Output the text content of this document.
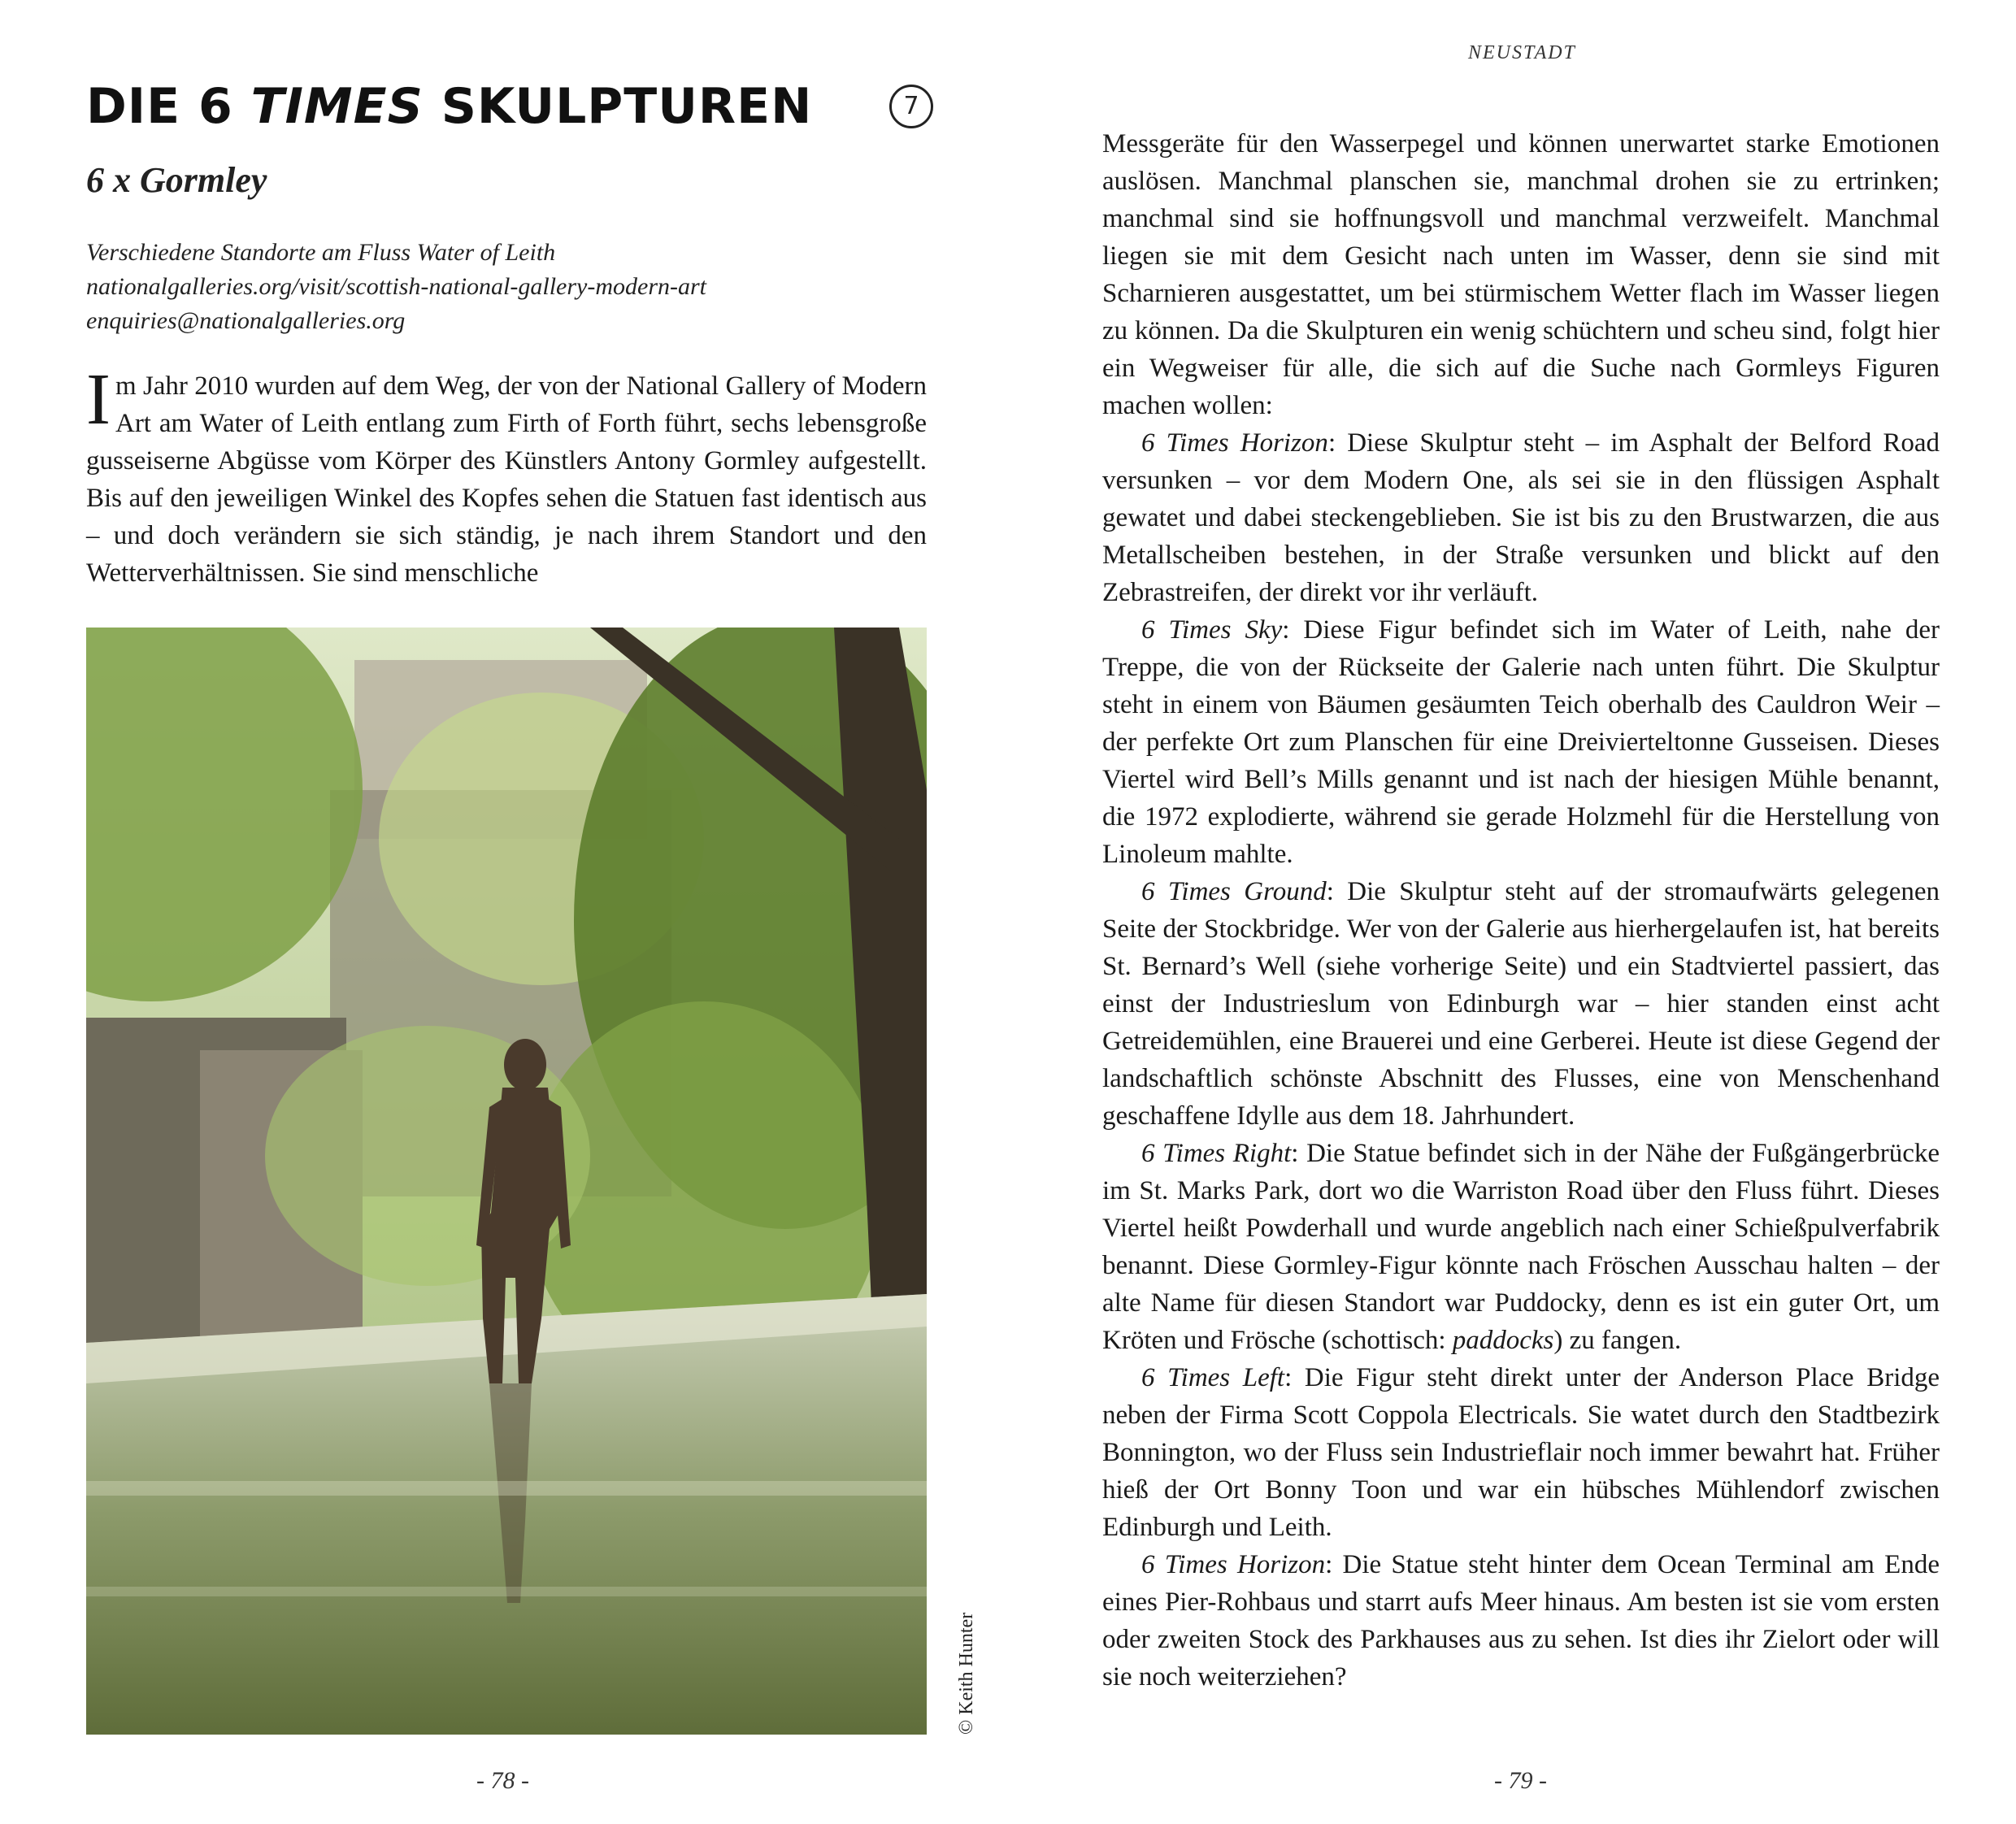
DIE 6 TIMES SKULPTUREN	7
6 x Gormley
Verschiedene Standorte am Fluss Water of Leith
nationalgalleries.org/visit/scottish-national-gallery-modern-art
enquiries@nationalgalleries.org
Im Jahr 2010 wurden auf dem Weg, der von der National Gallery of Modern Art am Water of Leith entlang zum Firth of Forth führt, sechs lebensgroße gusseiserne Abgüsse vom Körper des Künstlers Antony Gormley aufgestellt. Bis auf den jeweiligen Winkel des Kopfes sehen die Statuen fast identisch aus – und doch verändern sie sich ständig, je nach ihrem Standort und den Wetterverhältnissen. Sie sind menschliche
© Keith Hunter
- 78 -
NEUSTADT

Messgeräte für den Wasserpegel und können unerwartet starke Emotionen auslösen. Manchmal planschen sie, manchmal drohen sie zu ertrinken; manchmal sind sie hoffnungsvoll und manchmal verzweifelt. Manchmal liegen sie mit dem Gesicht nach unten im Wasser, denn sie sind mit Scharnieren ausgestattet, um bei stürmischem Wetter flach im Wasser liegen zu können. Da die Skulpturen ein wenig schüchtern und scheu sind, folgt hier ein Wegweiser für alle, die sich auf die Suche nach Gormleys Figuren machen wollen:

6 Times Horizon: Diese Skulptur steht – im Asphalt der Belford Road versunken – vor dem Modern One, als sei sie in den flüssigen Asphalt gewatet und dabei steckengeblieben. Sie ist bis zu den Brustwarzen, die aus Metallscheiben bestehen, in der Straße versunken und blickt auf den Zebrastreifen, der direkt vor ihr verläuft.

6 Times Sky: Diese Figur befindet sich im Water of Leith, nahe der Treppe, die von der Rückseite der Galerie nach unten führt. Die Skulptur steht in einem von Bäumen gesäumten Teich oberhalb des Cauldron Weir – der perfekte Ort zum Planschen für eine Dreivierteltonne Gusseisen. Dieses Viertel wird Bell’s Mills genannt und ist nach der hiesigen Mühle benannt, die 1972 explodierte, während sie gerade Holzmehl für die Herstellung von Linoleum mahlte.

6 Times Ground: Die Skulptur steht auf der stromaufwärts gelegenen Seite der Stockbridge. Wer von der Galerie aus hierhergelaufen ist, hat bereits St. Bernard’s Well (siehe vorherige Seite) und ein Stadtviertel passiert, das einst der Industrieslum von Edinburgh war – hier standen einst acht Getreidemühlen, eine Brauerei und eine Gerberei. Heute ist diese Gegend der landschaftlich schönste Abschnitt des Flusses, eine von Menschenhand geschaffene Idylle aus dem 18. Jahrhundert.

6 Times Right: Die Statue befindet sich in der Nähe der Fußgängerbrücke im St. Marks Park, dort wo die Warriston Road über den Fluss führt. Dieses Viertel heißt Powderhall und wurde angeblich nach einer Schießpulverfabrik benannt. Diese Gormley-Figur könnte nach Fröschen Ausschau halten – der alte Name für diesen Standort war Puddocky, denn es ist ein guter Ort, um Kröten und Frösche (schottisch: paddocks) zu fangen.

6 Times Left: Die Figur steht direkt unter der Anderson Place Bridge neben der Firma Scott Coppola Electricals. Sie watet durch den Stadtbezirk Bonnington, wo der Fluss sein Industrieflair noch immer bewahrt hat. Früher hieß der Ort Bonny Toon und war ein hübsches Mühlendorf zwischen Edinburgh und Leith.

6 Times Horizon: Die Statue steht hinter dem Ocean Terminal am Ende eines Pier-Rohbaus und starrt aufs Meer hinaus. Am besten ist sie vom ersten oder zweiten Stock des Parkhauses aus zu sehen. Ist dies ihr Zielort oder will sie noch weiterziehen?

- 79 -
